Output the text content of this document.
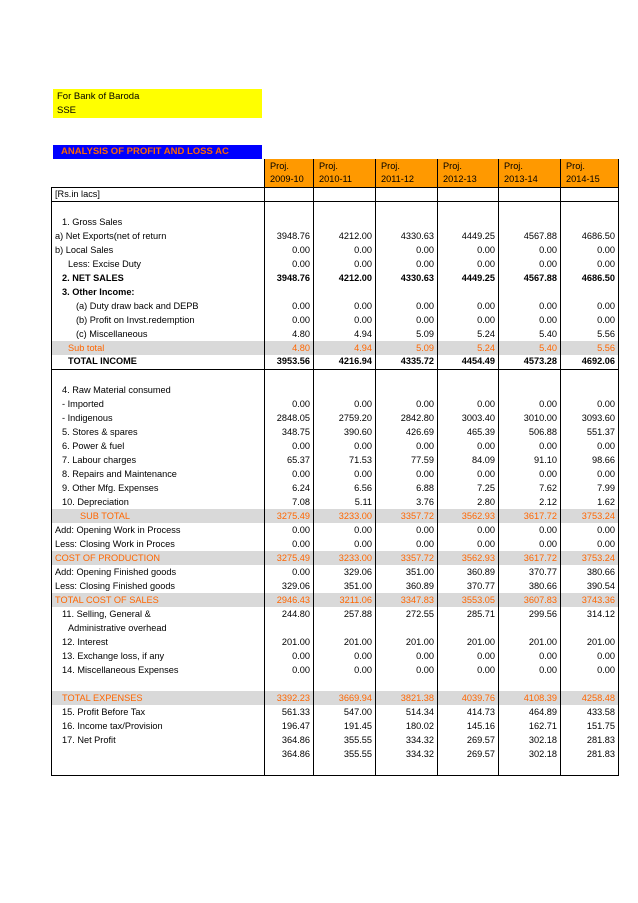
For Bank of Baroda
SSE
ANALYSIS OF PROFIT AND LOSS AC
	Proj.	Proj.	Proj.	Proj.	Proj.	Proj.
	2009-10	2010-11	2011-12	2012-13	2013-14	2014-15
[Rs.in lacs]						

1. Gross Sales						
a) Net Exports(net of return	3948.76	4212.00	4330.63	4449.25	4567.88	4686.50
b) Local Sales	0.00	0.00	0.00	0.00	0.00	0.00
Less: Excise Duty	0.00	0.00	0.00	0.00	0.00	0.00
2. NET SALES	3948.76	4212.00	4330.63	4449.25	4567.88	4686.50
3. Other Income:						
(a) Duty draw back and DEPB	0.00	0.00	0.00	0.00	0.00	0.00
(b) Profit on Invst.redemption	0.00	0.00	0.00	0.00	0.00	0.00
(c) Miscellaneous	4.80	4.94	5.09	5.24	5.40	5.56
Sub total	4.80	4.94	5.09	5.24	5.40	5.56
TOTAL INCOME	3953.56	4216.94	4335.72	4454.49	4573.28	4692.06

4. Raw Material consumed						
- Imported	0.00	0.00	0.00	0.00	0.00	0.00
- Indigenous	2848.05	2759.20	2842.80	3003.40	3010.00	3093.60
5. Stores & spares	348.75	390.60	426.69	465.39	506.88	551.37
6. Power & fuel	0.00	0.00	0.00	0.00	0.00	0.00
7. Labour charges	65.37	71.53	77.59	84.09	91.10	98.66
8. Repairs and Maintenance	0.00	0.00	0.00	0.00	0.00	0.00
9. Other Mfg. Expenses	6.24	6.56	6.88	7.25	7.62	7.99
10. Depreciation	7.08	5.11	3.76	2.80	2.12	1.62
SUB TOTAL	3275.49	3233.00	3357.72	3562.93	3617.72	3753.24
Add: Opening Work in Process	0.00	0.00	0.00	0.00	0.00	0.00
Less: Closing Work in Proces	0.00	0.00	0.00	0.00	0.00	0.00
COST OF PRODUCTION	3275.49	3233.00	3357.72	3562.93	3617.72	3753.24
Add: Opening Finished goods	0.00	329.06	351.00	360.89	370.77	380.66
Less: Closing Finished goods	329.06	351.00	360.89	370.77	380.66	390.54
TOTAL COST OF SALES	2946.43	3211.06	3347.83	3553.05	3607.83	3743.36
11. Selling, General &	244.80	257.88	272.55	285.71	299.56	314.12
Administrative overhead						
12. Interest	201.00	201.00	201.00	201.00	201.00	201.00
13. Exchange loss, if any	0.00	0.00	0.00	0.00	0.00	0.00
14. Miscellaneous Expenses	0.00	0.00	0.00	0.00	0.00	0.00

TOTAL EXPENSES	3392.23	3669.94	3821.38	4039.76	4108.39	4258.48
15. Profit Before Tax	561.33	547.00	514.34	414.73	464.89	433.58
16. Income tax/Provision	196.47	191.45	180.02	145.16	162.71	151.75
17. Net Profit	364.86	355.55	334.32	269.57	302.18	281.83
	364.86	355.55	334.32	269.57	302.18	281.83
